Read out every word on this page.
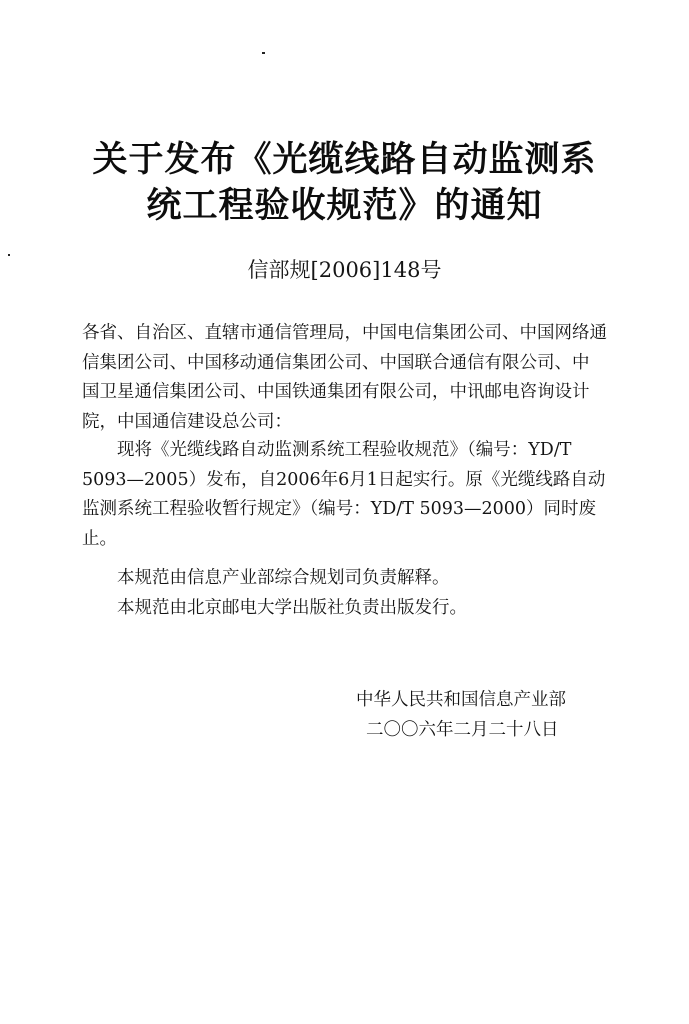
关于发布《光缆线路自动监测系
统工程验收规范》的通知
信部规[2006]148号
各省、自治区、直辖市通信管理局，中国电信集团公司、中国网络通
信集团公司、中国移动通信集团公司、中国联合通信有限公司、中
国卫星通信集团公司、中国铁通集团有限公司，中讯邮电咨询设计
院，中国通信建设总公司：
现将《光缆线路自动监测系统工程验收规范》（编号：YD/T
5093—2005）发布，自2006年6月1日起实行。原《光缆线路自动
监测系统工程验收暂行规定》（编号：YD/T 5093—2000）同时废
止。
本规范由信息产业部综合规划司负责解释。
本规范由北京邮电大学出版社负责出版发行。
中华人民共和国信息产业部
二〇〇六年二月二十八日
